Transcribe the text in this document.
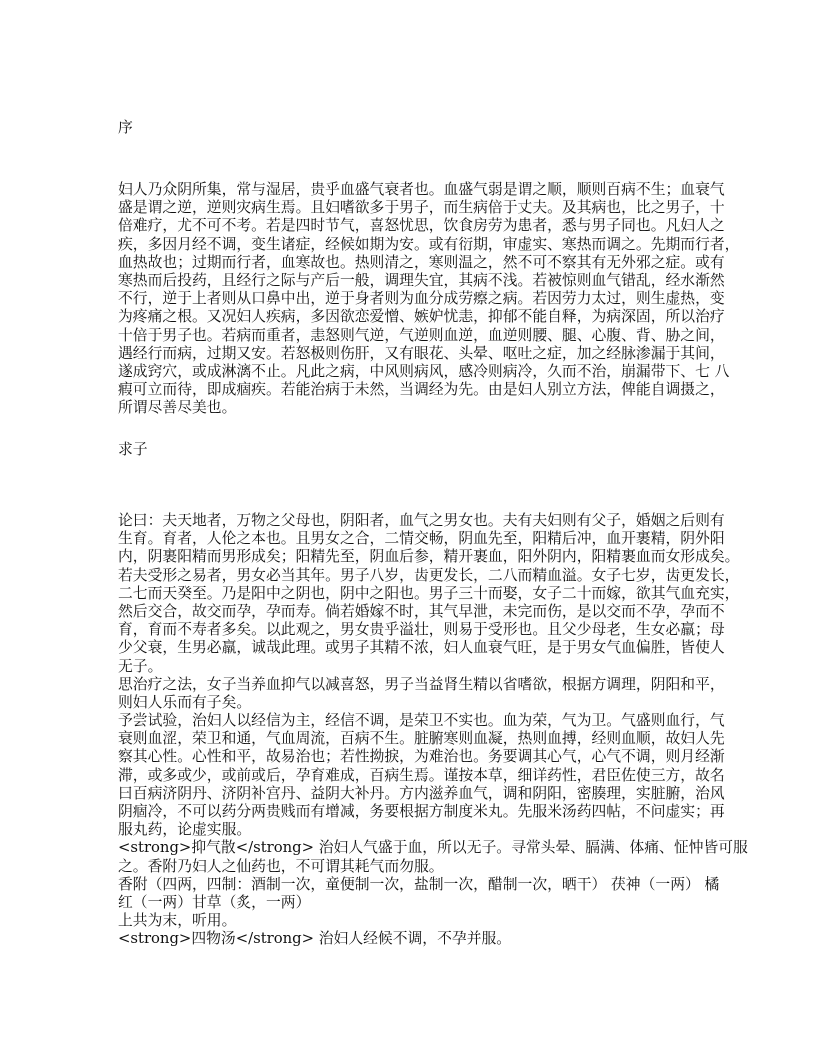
序
妇人乃众阴所集，常与湿居，贵乎血盛气衰者也。血盛气弱是谓之顺，顺则百病不生；血衰气
盛是谓之逆，逆则灾病生焉。且妇嗜欲多于男子，而生病倍于丈夫。及其病也，比之男子，十
倍难疗，尤不可不考。若是四时节气，喜怒忧思，饮食房劳为患者，悉与男子同也。凡妇人之
疾，多因月经不调，变生诸症，经候如期为安。或有衍期，审虚实、寒热而调之。先期而行者，
血热故也；过期而行者，血寒故也。热则清之，寒则温之，然不可不察其有无外邪之症。或有
寒热而后投药，且经行之际与产后一般，调理失宜，其病不浅。若被惊则血气错乱，经水渐然
不行，逆于上者则从口鼻中出，逆于身者则为血分成劳瘵之病。若因劳力太过，则生虚热，变
为疼痛之根。又况妇人疾病，多因欲恋爱憎、嫉妒忧恚，抑郁不能自释，为病深固，所以治疗
十倍于男子也。若病而重者，恚怒则气逆，气逆则血逆，血逆则腰、腿、心腹、背、胁之间，
遇经行而病，过期又安。若怒极则伤肝，又有眼花、头晕、呕吐之症，加之经脉渗漏于其间，
遂成窍穴，或成淋漓不止。凡此之病，中风则病风，感冷则病冷，久而不治，崩漏带下、七 八
瘕可立而待，即成痼疾。若能治病于未然，当调经为先。由是妇人别立方法，俾能自调摄之，
所谓尽善尽美也。
求子
论曰：夫天地者，万物之父母也，阴阳者，血气之男女也。夫有夫妇则有父子，婚姻之后则有
生育。育者，人伦之本也。且男女之合，二情交畅，阴血先至，阳精后冲，血开裹精，阴外阳
内，阴裹阳精而男形成矣；阳精先至，阴血后参，精开裹血，阳外阴内，阳精裹血而女形成矣。
若夫受形之易者，男女必当其年。男子八岁，齿更发长，二八而精血溢。女子七岁，齿更发长，
二七而天癸至。乃是阳中之阴也，阴中之阳也。男子三十而娶，女子二十而嫁，欲其气血充实，
然后交合，故交而孕，孕而寿。倘若婚嫁不时，其气早泄，未完而伤，是以交而不孕，孕而不
育，育而不寿者多矣。以此观之，男女贵乎溢壮，则易于受形也。且父少母老，生女必羸；母
少父衰，生男必羸，诚哉此理。或男子其精不浓，妇人血衰气旺，是于男女气血偏胜，皆使人
无子。
思治疗之法，女子当养血抑气以减喜怒，男子当益肾生精以省嗜欲，根据方调理，阴阳和平，
则妇人乐而有子矣。
予尝试验，治妇人以经信为主，经信不调，是荣卫不实也。血为荣，气为卫。气盛则血行，气
衰则血涩，荣卫和通，气血周流，百病不生。脏腑寒则血凝，热则血搏，经则血顺，故妇人先
察其心性。心性和平，故易治也；若性拗捩，为难治也。务要调其心气，心气不调，则月经渐
滞，或多或少，或前或后，孕育难成，百病生焉。谨按本草，细详药性，君臣佐使三方，故名
曰百病济阴丹、济阴补宫丹、益阴大补丹。方内滋养血气，调和阴阳，密腠理，实脏腑，治风
阴痼冷，不可以药分两贵贱而有增减，务要根据方制度米丸。先服米汤药四帖，不问虚实；再
服丸药，论虚实服。
<strong>抑气散</strong> 治妇人气盛于血，所以无子。寻常头晕、膈满、体痛、怔忡皆可服
之。香附乃妇人之仙药也，不可谓其耗气而勿服。
香附（四两，四制：酒制一次，童便制一次，盐制一次，醋制一次，晒干） 茯神（一两） 橘
红（一两）甘草（炙，一两）
上共为末，听用。
<strong>四物汤</strong> 治妇人经候不调，不孕并服。
